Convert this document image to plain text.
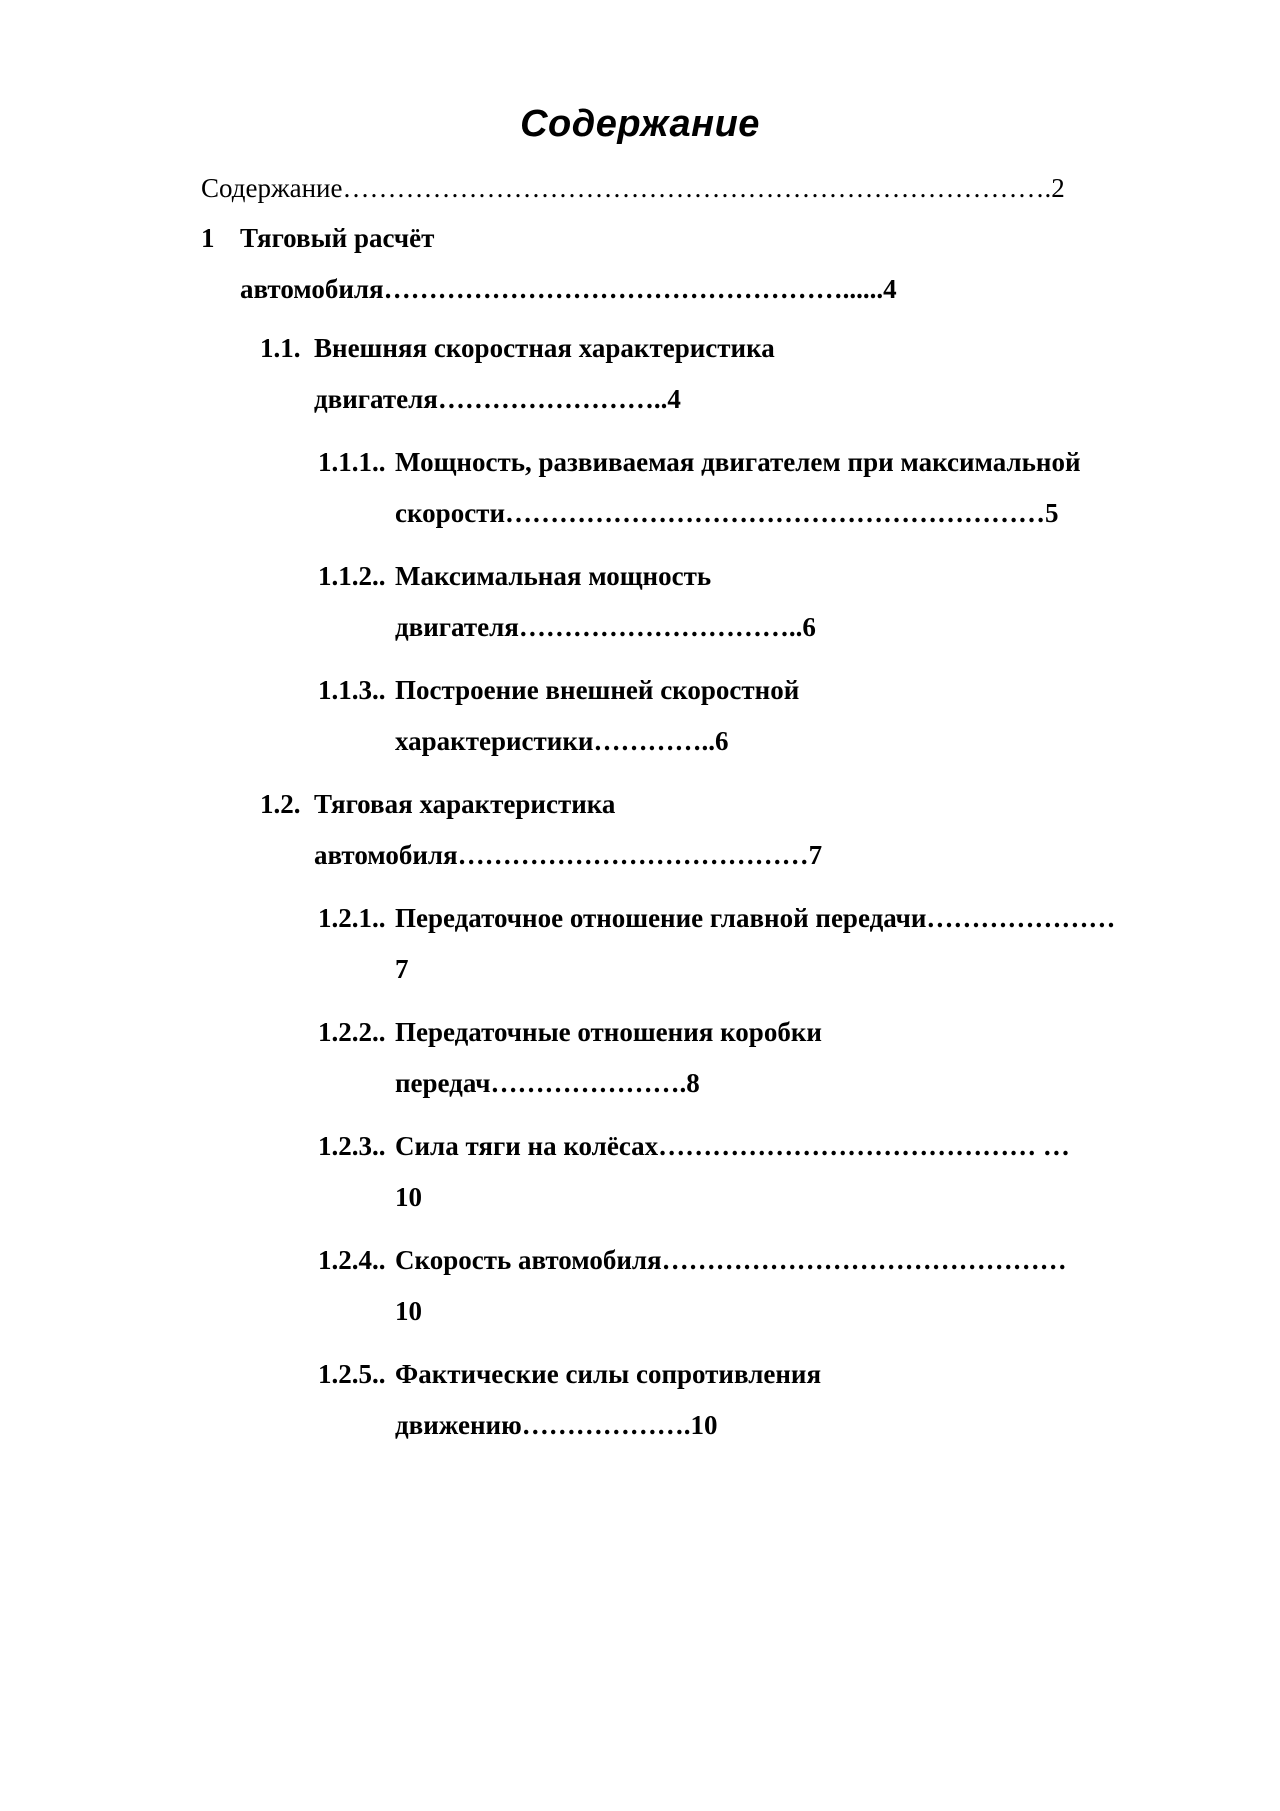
Содержание
Содержание…………………………………………………………………….2
1 Тяговый расчёт
автомобиля……………………………………………......4
1.1. Внешняя скоростная характеристика
двигателя……………………..4
1.1.1.. Мощность, развиваемая двигателем при максимальной
скорости……………………………………………………5
1.1.2.. Максимальная мощность
двигателя…………………………..6
1.1.3.. Построение внешней скоростной
характеристики…………..6
1.2. Тяговая характеристика
автомобиля…………………………………7
1.2.1.. Передаточное отношение главной передачи…………………
7
1.2.2.. Передаточные отношения коробки
передач………………….8
1.2.3.. Сила тяги на колёсах…………………………………… …
10
1.2.4.. Скорость автомобиля………………………………………
10
1.2.5.. Фактические силы сопротивления
движению……………….10
